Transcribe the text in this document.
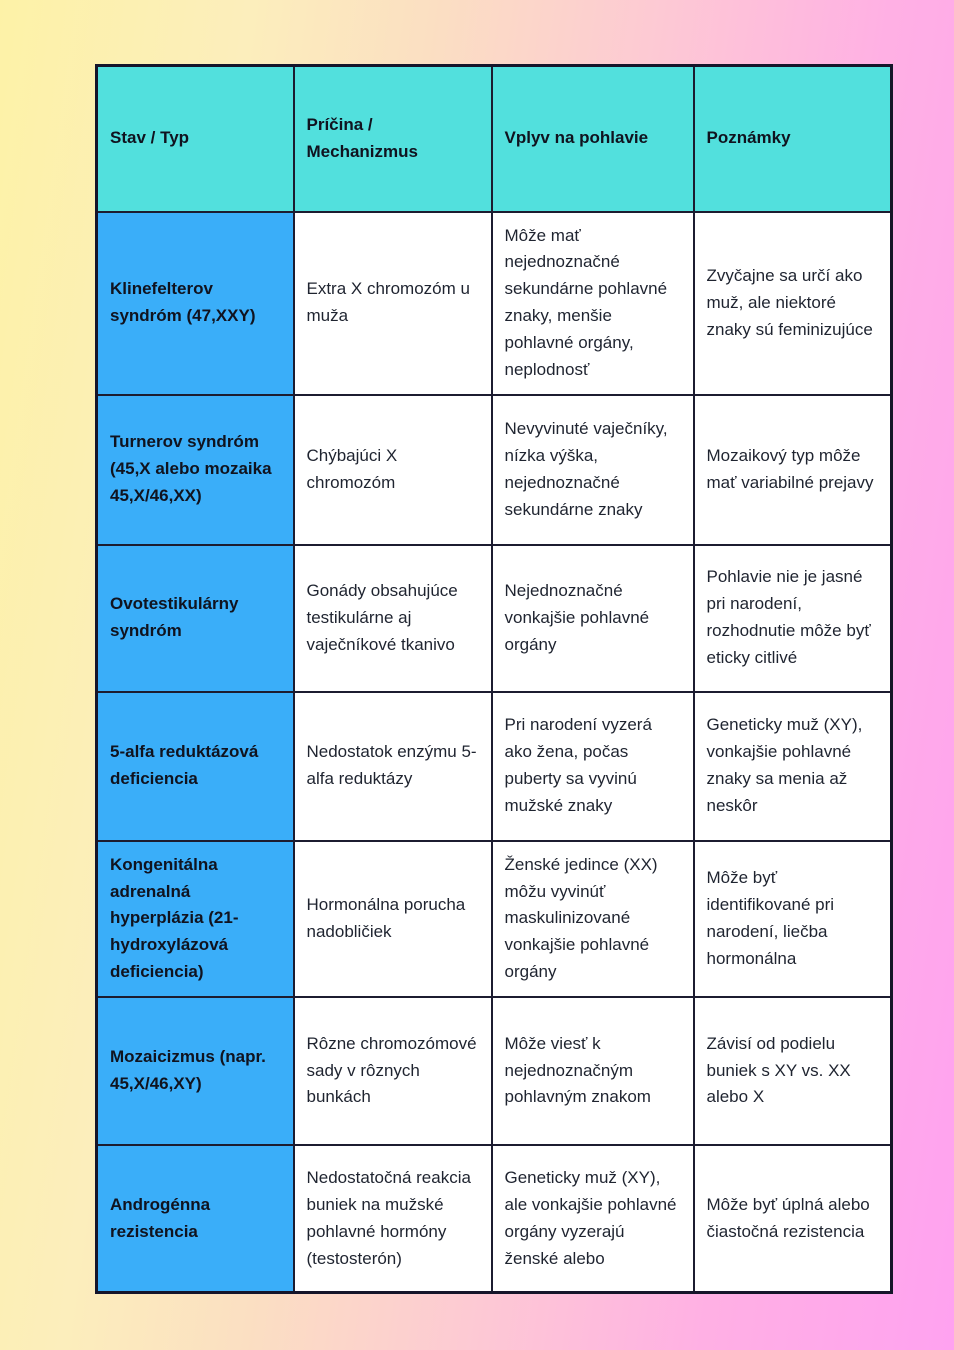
Stav / Typ	Príčina / Mechanizmus	Vplyv na pohlavie	Poznámky
Klinefelterov syndróm (47,XXY)	Extra X chromozóm u muža	Môže mať nejednoznačné sekundárne pohlavné znaky, menšie pohlavné orgány, neplodnosť	Zvyčajne sa určí ako muž, ale niektoré znaky sú feminizujúce
Turnerov syndróm (45,X alebo mozaika 45,X/46,XX)	Chýbajúci X chromozóm	Nevyvinuté vaječníky, nízka výška, nejednoznačné sekundárne znaky	Mozaikový typ môže mať variabilné prejavy
Ovotestikulárny syndróm	Gonády obsahujúce testikulárne aj vaječníkové tkanivo	Nejednoznačné vonkajšie pohlavné orgány	Pohlavie nie je jasné pri narodení, rozhodnutie môže byť eticky citlivé
5-alfa reduktázová deficiencia	Nedostatok enzýmu 5-alfa reduktázy	Pri narodení vyzerá ako žena, počas puberty sa vyvinú mužské znaky	Geneticky muž (XY), vonkajšie pohlavné znaky sa menia až neskôr
Kongenitálna adrenalná hyperplázia (21-hydroxylázová deficiencia)	Hormonálna porucha nadobličiek	Ženské jedince (XX) môžu vyvinúť maskulinizované vonkajšie pohlavné orgány	Môže byť identifikované pri narodení, liečba hormonálna
Mozaicizmus (napr. 45,X/46,XY)	Rôzne chromozómové sady v rôznych bunkách	Môže viesť k nejednoznačným pohlavným znakom	Závisí od podielu buniek s XY vs. XX alebo X
Androgénna rezistencia	Nedostatočná reakcia buniek na mužské pohlavné hormóny (testosterón)	Geneticky muž (XY), ale vonkajšie pohlavné orgány vyzerajú ženské alebo	Môže byť úplná alebo čiastočná rezistencia
